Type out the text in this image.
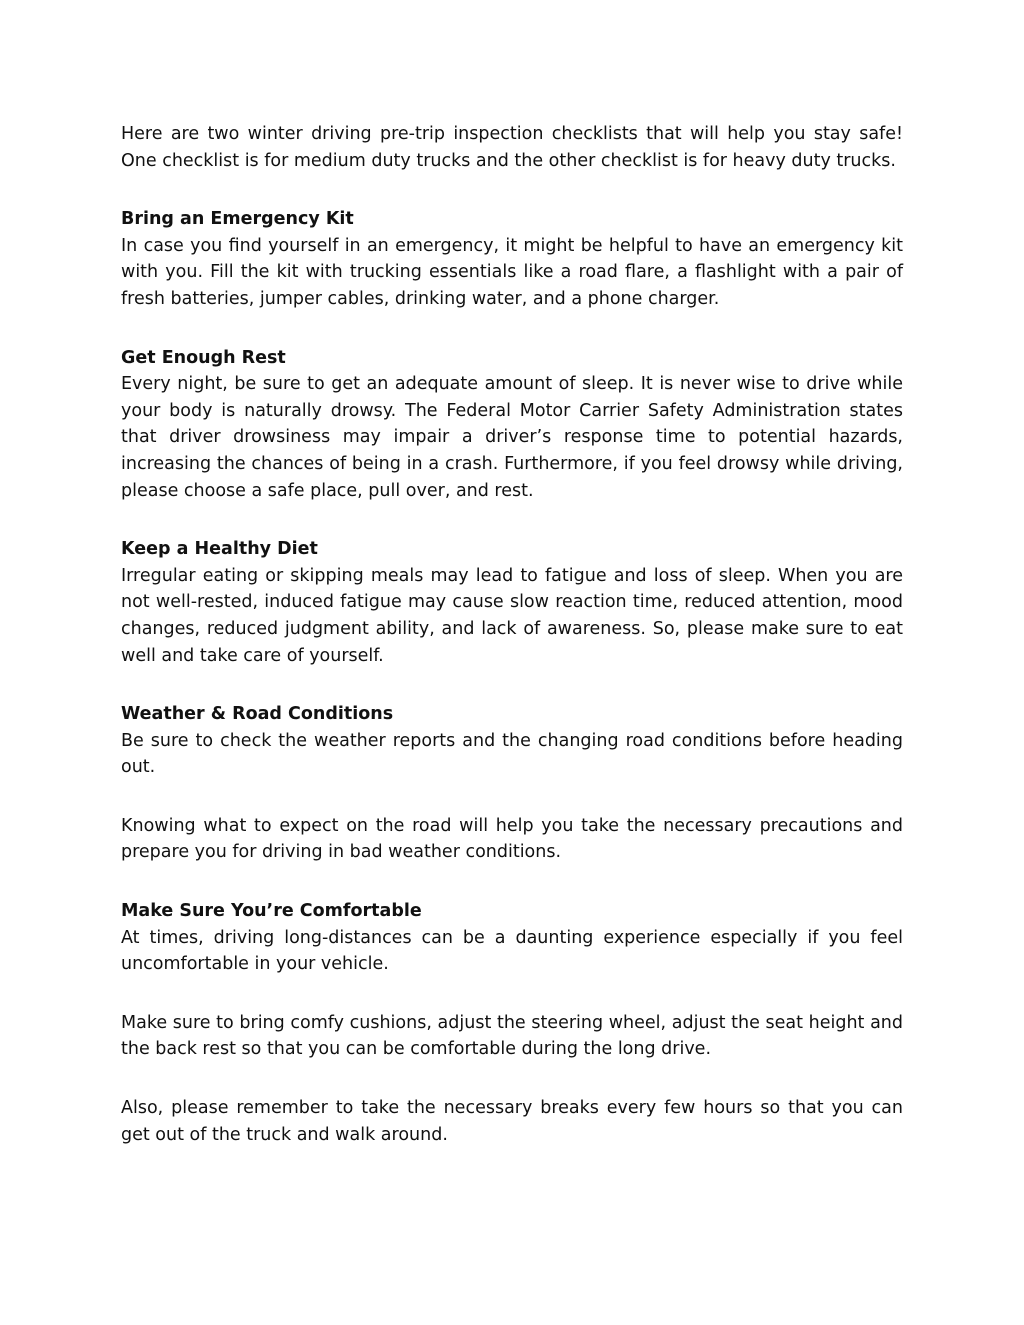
Here are two winter driving pre-trip inspection checklists that will help you stay safe! One checklist is for medium duty trucks and the other checklist is for heavy duty trucks.

Bring an Emergency Kit

In case you find yourself in an emergency, it might be helpful to have an emergency kit with you. Fill the kit with trucking essentials like a road flare, a flashlight with a pair of fresh batteries, jumper cables, drinking water, and a phone charger.

Get Enough Rest

Every night, be sure to get an adequate amount of sleep. It is never wise to drive while your body is naturally drowsy. The Federal Motor Carrier Safety Administration states that driver drowsiness may impair a driver’s response time to potential hazards, increasing the chances of being in a crash. Furthermore, if you feel drowsy while driving, please choose a safe place, pull over, and rest.

Keep a Healthy Diet

Irregular eating or skipping meals may lead to fatigue and loss of sleep. When you are not well-rested, induced fatigue may cause slow reaction time, reduced attention, mood changes, reduced judgment ability, and lack of awareness. So, please make sure to eat well and take care of yourself.

Weather & Road Conditions

Be sure to check the weather reports and the changing road conditions before heading out.

Knowing what to expect on the road will help you take the necessary precautions and prepare you for driving in bad weather conditions.

Make Sure You’re Comfortable

At times, driving long-distances can be a daunting experience especially if you feel uncomfortable in your vehicle.

Make sure to bring comfy cushions, adjust the steering wheel, adjust the seat height and the back rest so that you can be comfortable during the long drive.

Also, please remember to take the necessary breaks every few hours so that you can get out of the truck and walk around.
